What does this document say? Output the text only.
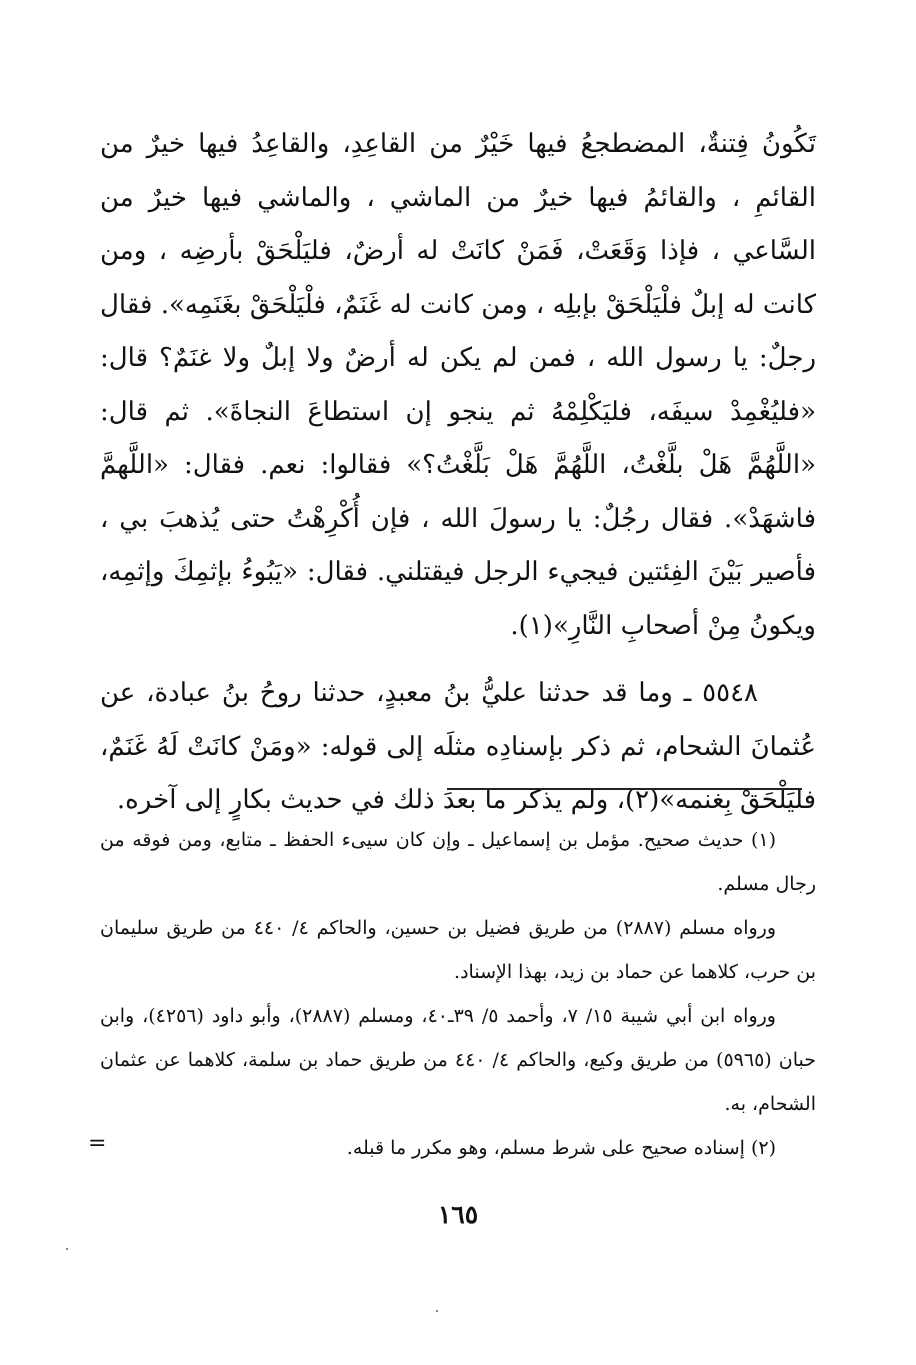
تَكُونُ فِتنةٌ، المضطجعُ فيها خَيْرٌ من القاعِدِ، والقاعِدُ فيها خيرٌ من القائمِ ، والقائمُ فيها خيرٌ من الماشي ، والماشي فيها خيرٌ من السَّاعي ، فإذا وَقَعَتْ، فَمَنْ كانَتْ له أرضٌ، فليَلْحَقْ بأرضِه ، ومن كانت له إبلٌ فلْيَلْحَقْ بإبلِه ، ومن كانت له غَنَمٌ، فلْيَلْحَقْ بغَنَمِه». فقال رجلٌ: يا رسول الله ، فمن لم يكن له أرضٌ ولا إبلٌ ولا غنَمٌ؟ قال: «فليُغْمِدْ سيفَه، فليَكْلِمْهُ ثم ينجو إن استطاعَ النجاةَ». ثم قال: «اللَّهُمَّ هَلْ بلَّغْتُ، اللَّهُمَّ هَلْ بَلَّغْتُ؟» فقالوا: نعم. فقال: «اللَّهمَّ فاشهَدْ». فقال رجُلٌ: يا رسولَ الله ، فإن أُكْرِهْتُ حتى يُذهبَ بي ، فأصير بَيْنَ الفِئتين فيجيء الرجل فيقتلني. فقال: «يَبُوءُ بإثمِكَ وإثمِه، ويكونُ مِنْ أصحابِ النَّارِ»(١).

٥٥٤٨ ـ وما قد حدثنا عليُّ بنُ معبدٍ، حدثنا روحُ بنُ عبادة، عن عُثمانَ الشحام، ثم ذكر بإسنادِه مثلَه إلى قوله: «ومَنْ كانَتْ لَهُ غَنَمٌ، فليَلْحَقْ بِغنمه»(٢)، ولم يذكر ما بعدَ ذلك في حديث بكارٍ إلى آخره.

(١) حديث صحيح. مؤمل بن إسماعيل ـ وإن كان سيىء الحفظ ـ متابع، ومن فوقه من رجال مسلم.

ورواه مسلم (٢٨٨٧) من طريق فضيل بن حسين، والحاكم ٤/ ٤٤٠ من طريق سليمان بن حرب، كلاهما عن حماد بن زيد، بهذا الإسناد.

ورواه ابن أبي شيبة ١٥/ ٧، وأحمد ٥/ ٣٩ـ٤٠، ومسلم (٢٨٨٧)، وأبو داود (٤٢٥٦)، وابن حبان (٥٩٦٥) من طريق وكيع، والحاكم ٤/ ٤٤٠ من طريق حماد بن سلمة، كلاهما عن عثمان الشحام، به.

(٢) إسناده صحيح على شرط مسلم، وهو مكرر ما قبله.

=
١٦٥
